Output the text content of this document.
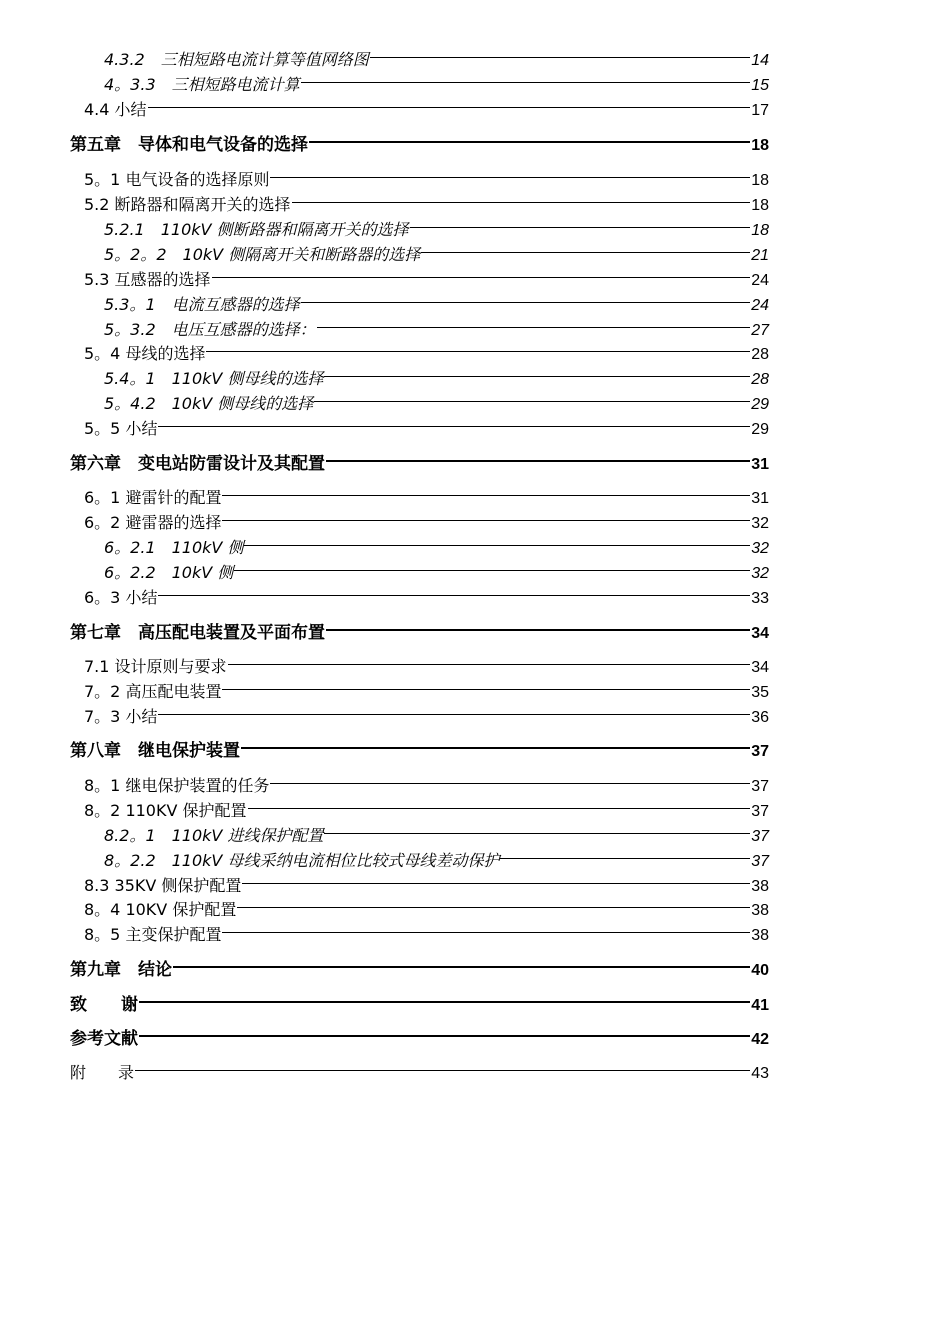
4.3.2　三相短路电流计算等值网络图	14
4。3.3　三相短路电流计算	15
4.4 小结	17
第五章　导体和电气设备的选择	18
5。1 电气设备的选择原则	18
5.2 断路器和隔离开关的选择	18
5.2.1　110kV 侧断路器和隔离开关的选择	18
5。2。2　10kV 侧隔离开关和断路器的选择	21
5.3 互感器的选择	24
5.3。1　电流互感器的选择	24
5。3.2　电压互感器的选择：	27
5。4 母线的选择	28
5.4。1　110kV 侧母线的选择	28
5。4.2　10kV 侧母线的选择	29
5。5 小结	29
第六章　变电站防雷设计及其配置	31
6。1 避雷针的配置	31
6。2 避雷器的选择	32
6。2.1　110kV 侧	32
6。2.2　10kV 侧	32
6。3 小结	33
第七章　高压配电装置及平面布置	34
7.1 设计原则与要求	34
7。2 高压配电装置	35
7。3 小结	36
第八章　继电保护装置	37
8。1 继电保护装置的任务	37
8。2 110KV 保护配置	37
8.2。1　110kV 进线保护配置	37
8。2.2　110kV 母线采纳电流相位比较式母线差动保护	37
8.3 35KV 侧保护配置	38
8。4 10KV 保护配置	38
8。5 主变保护配置	38
第九章　结论	40
致　　谢	41
参考文献	42
附　　录	43
